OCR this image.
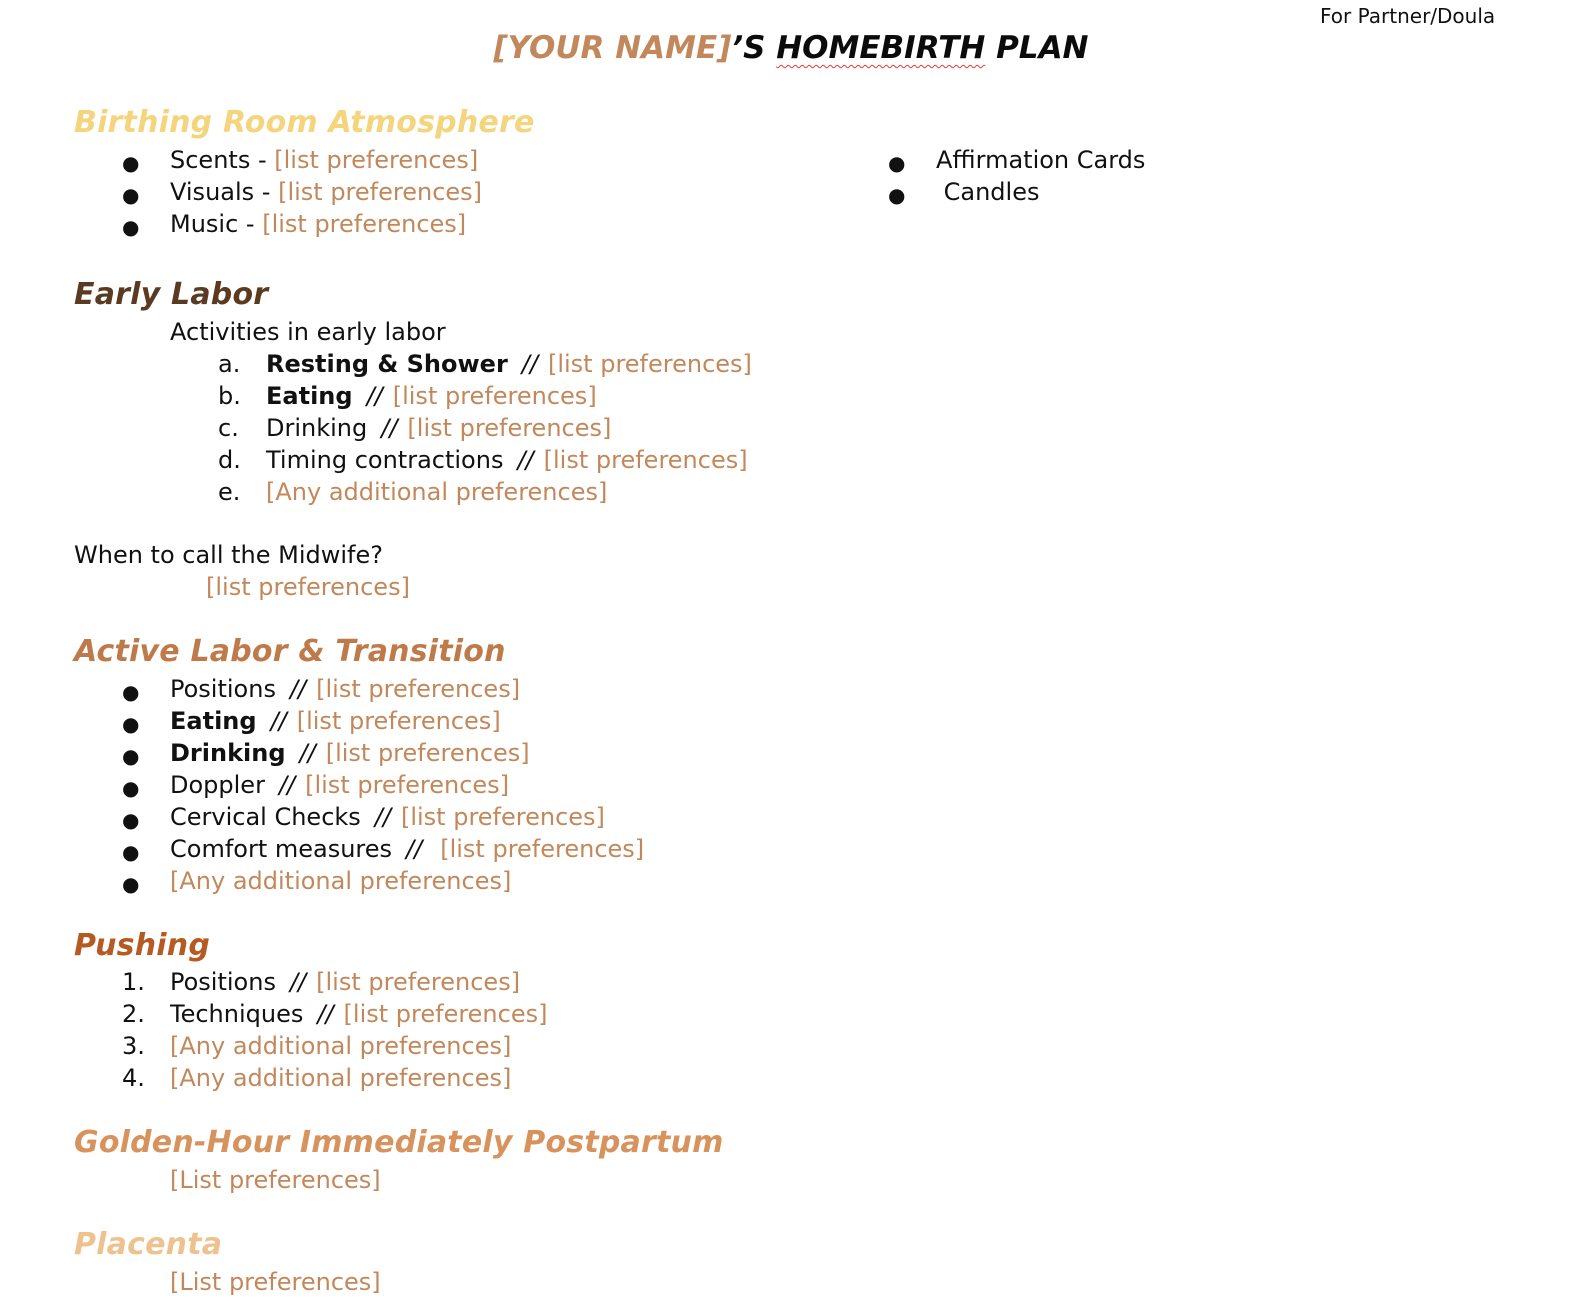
For Partner/Doula
[YOUR NAME]’S HOMEBIRTH PLAN
Birthing Room Atmosphere
● Scents - [list preferences]
● Visuals - [list preferences]
● Music - [list preferences]
● Affirmation Cards
● Candles
Early Labor
Activities in early labor
a. Resting & Shower // [list preferences]
b. Eating // [list preferences]
c. Drinking // [list preferences]
d. Timing contractions // [list preferences]
e. [Any additional preferences]
When to call the Midwife?
[list preferences]
Active Labor & Transition
● Positions // [list preferences]
● Eating // [list preferences]
● Drinking // [list preferences]
● Doppler // [list preferences]
● Cervical Checks // [list preferences]
● Comfort measures // [list preferences]
● [Any additional preferences]
Pushing
1. Positions // [list preferences]
2. Techniques // [list preferences]
3. [Any additional preferences]
4. [Any additional preferences]
Golden-Hour Immediately Postpartum
[List preferences]
Placenta
[List preferences]
